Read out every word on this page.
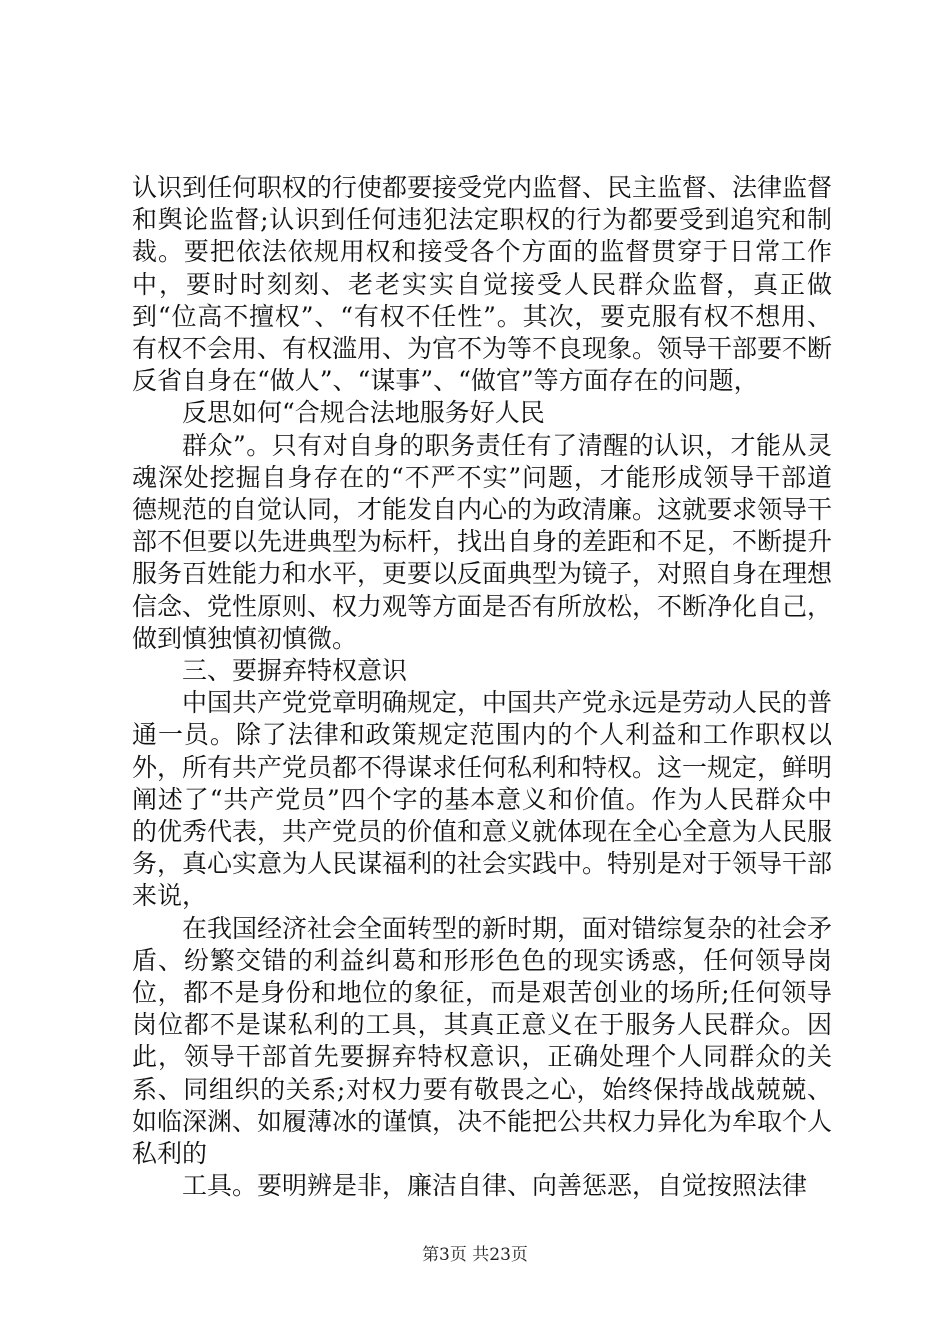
认识到任何职权的行使都要接受党内监督、民主监督、法律监督和舆论监督;认识到任何违犯法定职权的行为都要受到追究和制裁。要把依法依规用权和接受各个方面的监督贯穿于日常工作中，要时时刻刻、老老实实自觉接受人民群众监督，真正做到“位高不擅权”、“有权不任性”。其次，要克服有权不想用、有权不会用、有权滥用、为官不为等不良现象。领导干部要不断反省自身在“做人”、“谋事”、“做官”等方面存在的问题，

反思如何“合规合法地服务好人民

群众”。只有对自身的职务责任有了清醒的认识，才能从灵魂深处挖掘自身存在的“不严不实”问题，才能形成领导干部道德规范的自觉认同，才能发自内心的为政清廉。这就要求领导干部不但要以先进典型为标杆，找出自身的差距和不足，不断提升服务百姓能力和水平，更要以反面典型为镜子，对照自身在理想信念、党性原则、权力观等方面是否有所放松，不断净化自己，做到慎独慎初慎微。

三、要摒弃特权意识

中国共产党党章明确规定，中国共产党永远是劳动人民的普通一员。除了法律和政策规定范围内的个人利益和工作职权以外，所有共产党员都不得谋求任何私利和特权。这一规定，鲜明阐述了“共产党员”四个字的基本意义和价值。作为人民群众中的优秀代表，共产党员的价值和意义就体现在全心全意为人民服务，真心实意为人民谋福利的社会实践中。特别是对于领导干部来说，

在我国经济社会全面转型的新时期，面对错综复杂的社会矛盾、纷繁交错的利益纠葛和形形色色的现实诱惑，任何领导岗位，都不是身份和地位的象征，而是艰苦创业的场所;任何领导岗位都不是谋私利的工具，其真正意义在于服务人民群众。因此，领导干部首先要摒弃特权意识，正确处理个人同群众的关系、同组织的关系;对权力要有敬畏之心，始终保持战战兢兢、如临深渊、如履薄冰的谨慎，决不能把公共权力异化为牟取个人私利的

工具。要明辨是非，廉洁自律、向善惩恶，自觉按照法律

第3页 共23页
